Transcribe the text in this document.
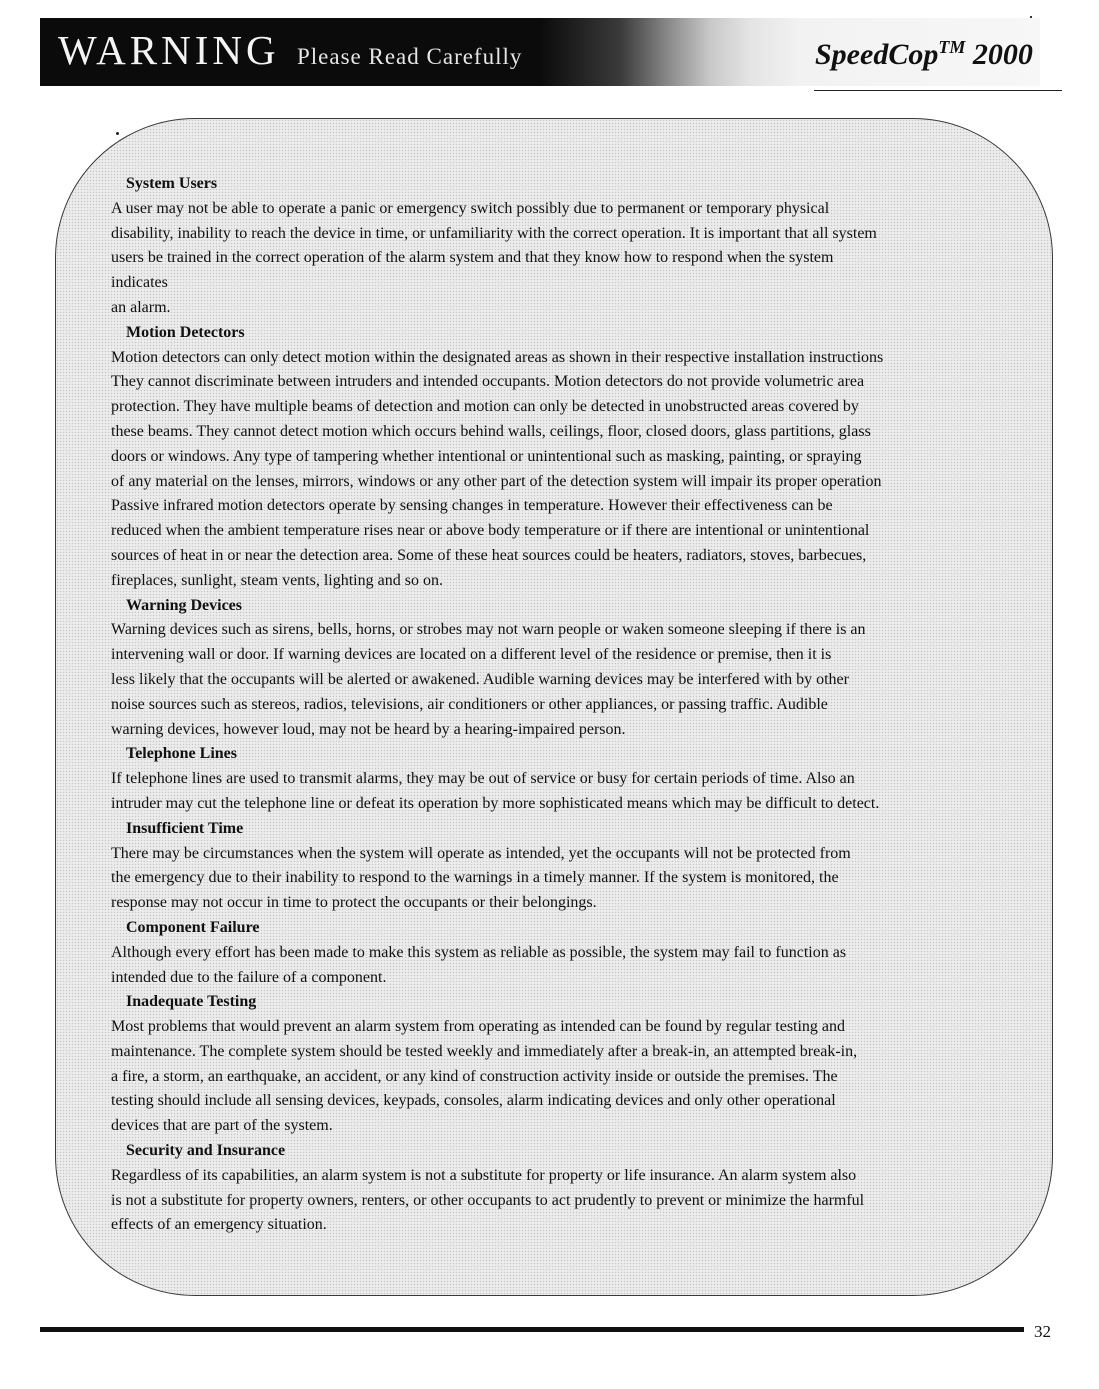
WARNING Please Read Carefully	SpeedCop™ 2000
System Users
A user may not be able to operate a panic or emergency switch possibly due to permanent or temporary physical
disability, inability to reach the device in time, or unfamiliarity with the correct operation. It is important that all system
users be trained in the correct operation of the alarm system and that they know how to respond when the system
indicates
an alarm.
Motion Detectors
Motion detectors can only detect motion within the designated areas as shown in their respective installation instructions
They cannot discriminate between intruders and intended occupants. Motion detectors do not provide volumetric area
protection. They have multiple beams of detection and motion can only be detected in unobstructed areas covered by
these beams. They cannot detect motion which occurs behind walls, ceilings, floor, closed doors, glass partitions, glass
doors or windows. Any type of tampering whether intentional or unintentional such as masking, painting, or spraying
of any material on the lenses, mirrors, windows or any other part of the detection system will impair its proper operation
Passive infrared motion detectors operate by sensing changes in temperature. However their effectiveness can be
reduced when the ambient temperature rises near or above body temperature or if there are intentional or unintentional
sources of heat in or near the detection area. Some of these heat sources could be heaters, radiators, stoves, barbecues,
fireplaces, sunlight, steam vents, lighting and so on.
Warning Devices
Warning devices such as sirens, bells, horns, or strobes may not warn people or waken someone sleeping if there is an
intervening wall or door. If warning devices are located on a different level of the residence or premise, then it is
less likely that the occupants will be alerted or awakened. Audible warning devices may be interfered with by other
noise sources such as stereos, radios, televisions, air conditioners or other appliances, or passing traffic. Audible
warning devices, however loud, may not be heard by a hearing-impaired person.
Telephone Lines
If telephone lines are used to transmit alarms, they may be out of service or busy for certain periods of time. Also an
intruder may cut the telephone line or defeat its operation by more sophisticated means which may be difficult to detect.
Insufficient Time
There may be circumstances when the system will operate as intended, yet the occupants will not be protected from
the emergency due to their inability to respond to the warnings in a timely manner. If the system is monitored, the
response may not occur in time to protect the occupants or their belongings.
Component Failure
Although every effort has been made to make this system as reliable as possible, the system may fail to function as
intended due to the failure of a component.
Inadequate Testing
Most problems that would prevent an alarm system from operating as intended can be found by regular testing and
maintenance. The complete system should be tested weekly and immediately after a break-in, an attempted break-in,
a fire, a storm, an earthquake, an accident, or any kind of construction activity inside or outside the premises. The
testing should include all sensing devices, keypads, consoles, alarm indicating devices and only other operational
devices that are part of the system.
Security and Insurance
Regardless of its capabilities, an alarm system is not a substitute for property or life insurance. An alarm system also
is not a substitute for property owners, renters, or other occupants to act prudently to prevent or minimize the harmful
effects of an emergency situation.
32
